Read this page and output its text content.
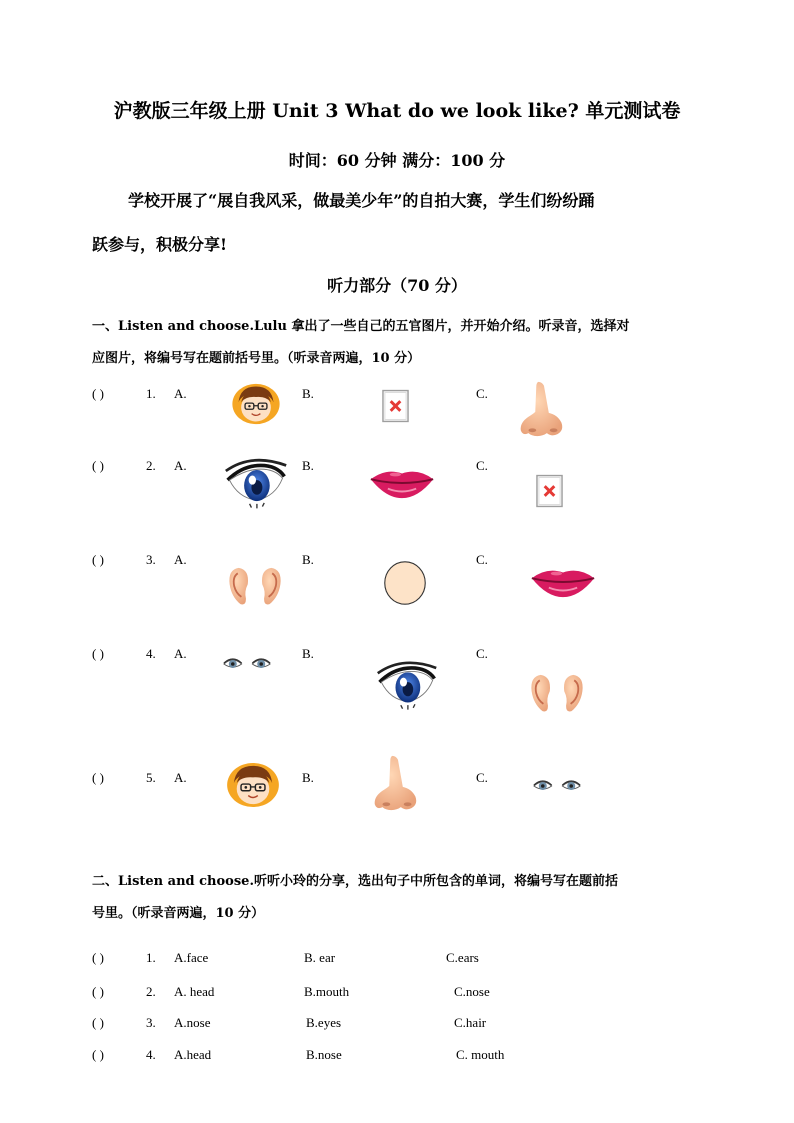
沪教版三年级上册 Unit 3 What do we look like? 单元测试卷
时间：60 分钟 满分：100 分
学校开展了“展自我风采，做最美少年”的自拍大赛，学生们纷纷踊
跃参与，积极分享!
听力部分（70 分）
一、Listen and choose.Lulu 拿出了一些自己的五官图片，并开始介绍。听录音，选择对
应图片，将编号写在题前括号里。（听录音两遍，10 分）
( )	1. A.	B.	C.
( )	2. A.	B.	C.
( )	3. A.	B.	C.
( )	4. A.	B.	C.
( )	5. A.	B.	C.
二、Listen and choose.听听小玲的分享，选出句子中所包含的单词，将编号写在题前括
号里。（听录音两遍，10 分）
( )	1. A.face	B. ear	C.ears
( )	2. A. head	B.mouth	C.nose
( )	3. A.nose	B.eyes	C.hair
( )	4. A.head	B.nose	C. mouth
